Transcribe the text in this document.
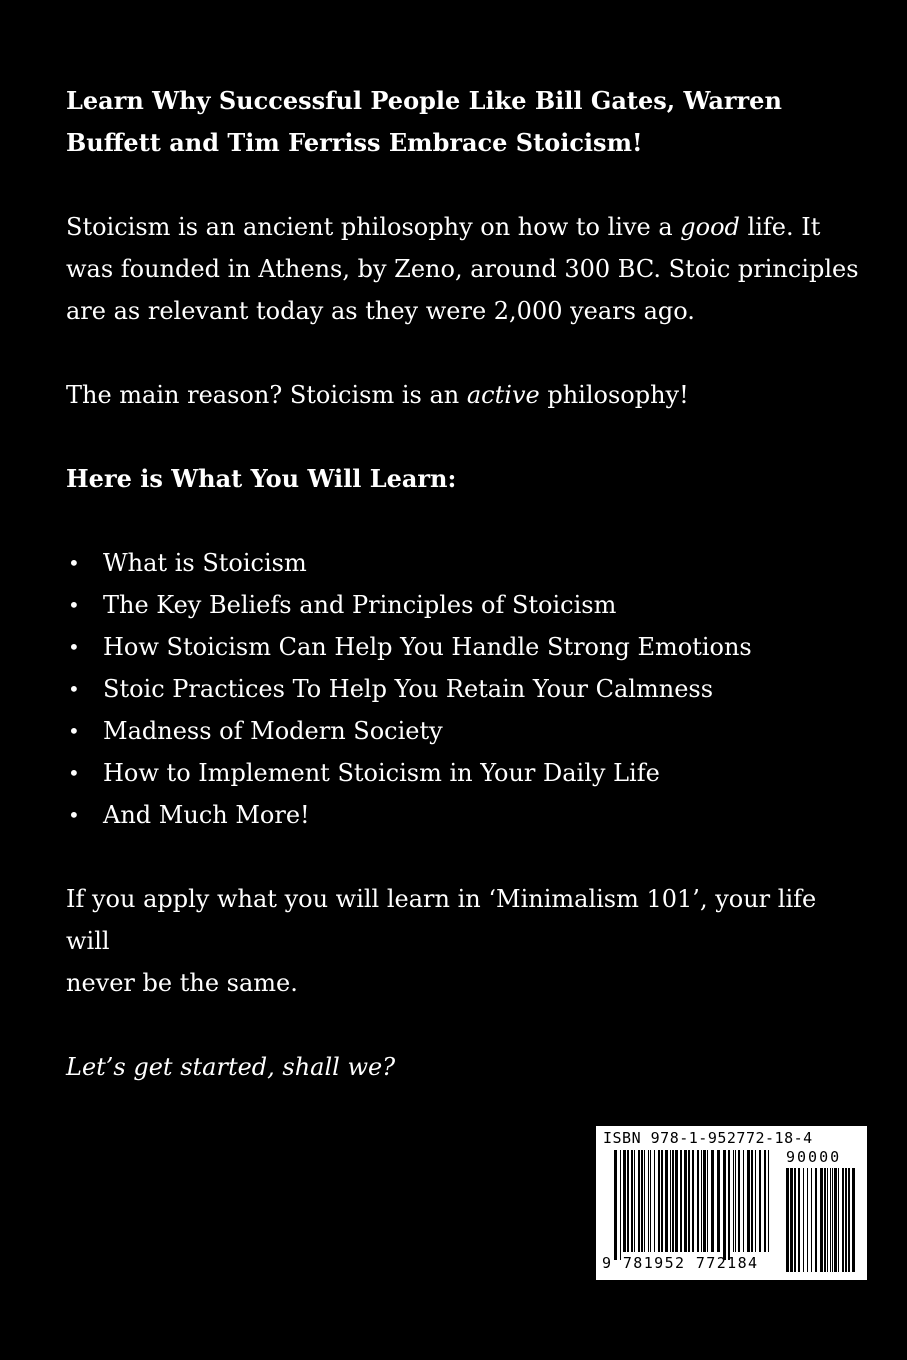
Learn Why Successful People Like Bill Gates, Warren
Buffett and Tim Ferriss Embrace Stoicism!

Stoicism is an ancient philosophy on how to live a good life. It
was founded in Athens, by Zeno, around 300 BC. Stoic principles
are as relevant today as they were 2,000 years ago.

The main reason? Stoicism is an active philosophy!

Here is What You Will Learn:

• What is Stoicism
• The Key Beliefs and Principles of Stoicism
• How Stoicism Can Help You Handle Strong Emotions
• Stoic Practices To Help You Retain Your Calmness
• Madness of Modern Society
• How to Implement Stoicism in Your Daily Life
• And Much More!

If you apply what you will learn in ‘Minimalism 101’, your life will
never be the same.

Let’s get started, shall we?

ISBN 978-1-952772-18-4
90000
9 781952 772184
